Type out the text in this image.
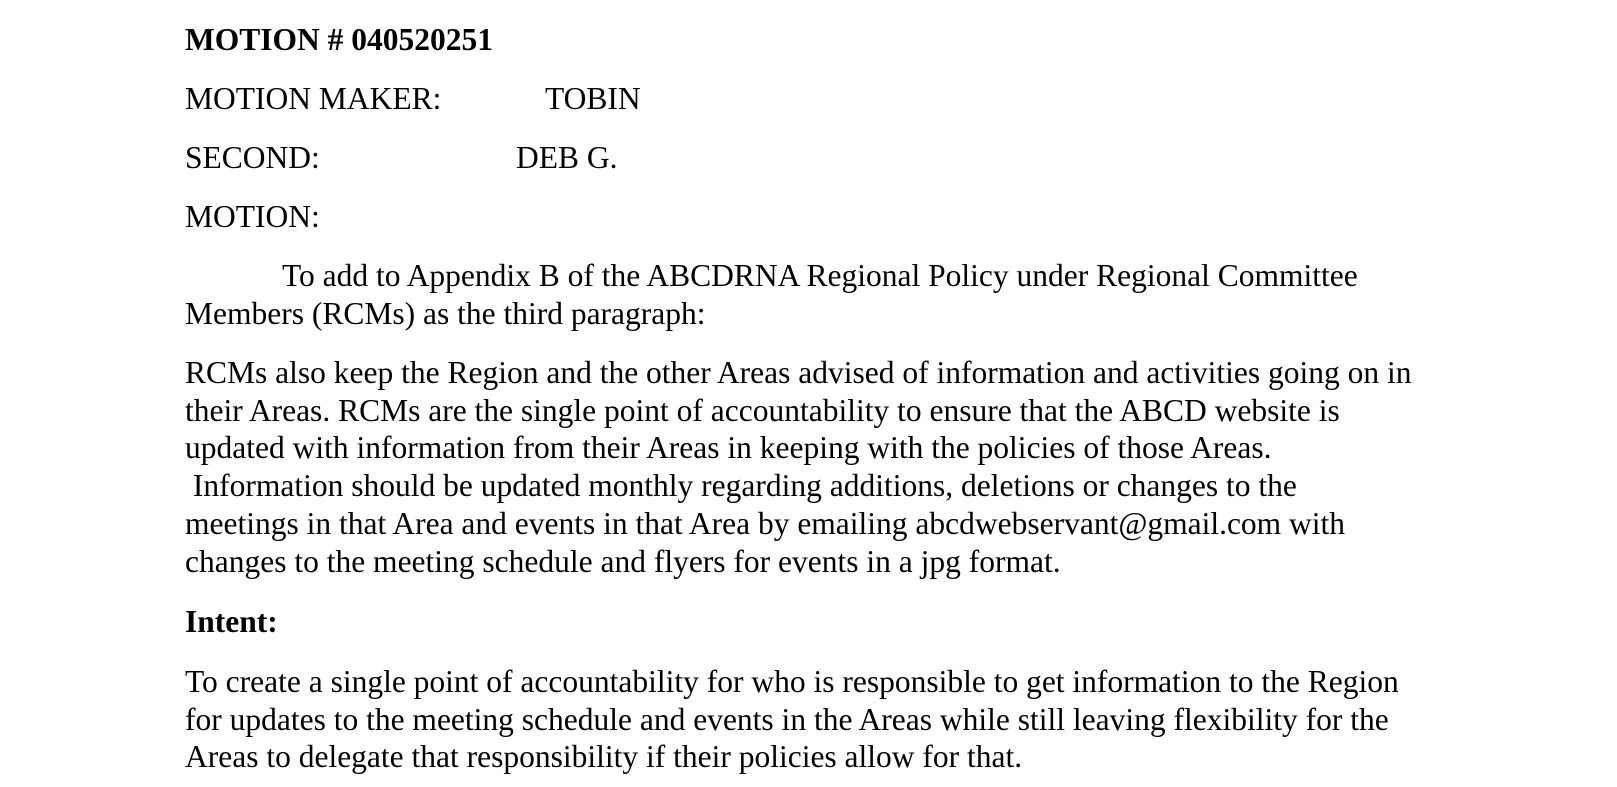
MOTION # 040520251
MOTION MAKER:	TOBIN
SECOND:	DEB G.
MOTION:
To add to Appendix B of the ABCDRNA Regional Policy under Regional Committee
Members (RCMs) as the third paragraph:
RCMs also keep the Region and the other Areas advised of information and activities going on in
their Areas. RCMs are the single point of accountability to ensure that the ABCD website is
updated with information from their Areas in keeping with the policies of those Areas.
Information should be updated monthly regarding additions, deletions or changes to the
meetings in that Area and events in that Area by emailing abcdwebservant@gmail.com with
changes to the meeting schedule and flyers for events in a jpg format.
Intent:
To create a single point of accountability for who is responsible to get information to the Region
for updates to the meeting schedule and events in the Areas while still leaving flexibility for the
Areas to delegate that responsibility if their policies allow for that.
